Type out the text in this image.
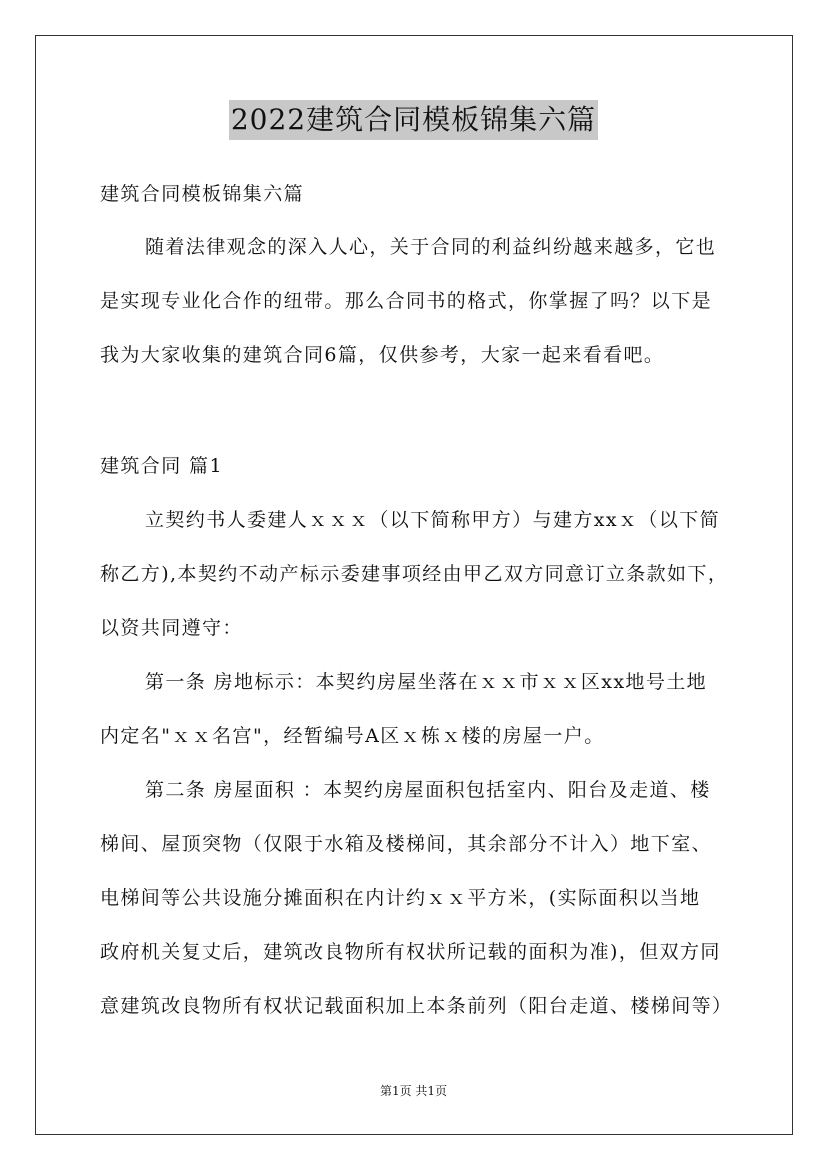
2022建筑合同模板锦集六篇
建筑合同模板锦集六篇
随着法律观念的深入人心，关于合同的利益纠纷越来越多，它也
是实现专业化合作的纽带。那么合同书的格式，你掌握了吗？以下是
我为大家收集的建筑合同6篇，仅供参考，大家一起来看看吧。
建筑合同 篇1
立契约书人委建人ｘｘｘ（以下简称甲方）与建方xxｘ（以下简
称乙方),本契约不动产标示委建事项经由甲乙双方同意订立条款如下，
以资共同遵守：
第一条 房地标示：本契约房屋坐落在ｘｘ市ｘｘ区xx地号土地
内定名"ｘｘ名宫"，经暂编号A区ｘ栋ｘ楼的房屋一户。
第二条 房屋面积 ：本契约房屋面积包括室内、阳台及走道、楼
梯间、屋顶突物（仅限于水箱及楼梯间，其余部分不计入）地下室、
电梯间等公共设施分摊面积在内计约ｘｘ平方米，(实际面积以当地
政府机关复丈后，建筑改良物所有权状所记载的面积为准)，但双方同
意建筑改良物所有权状记载面积加上本条前列（阳台走道、楼梯间等）
第1页 共1页
